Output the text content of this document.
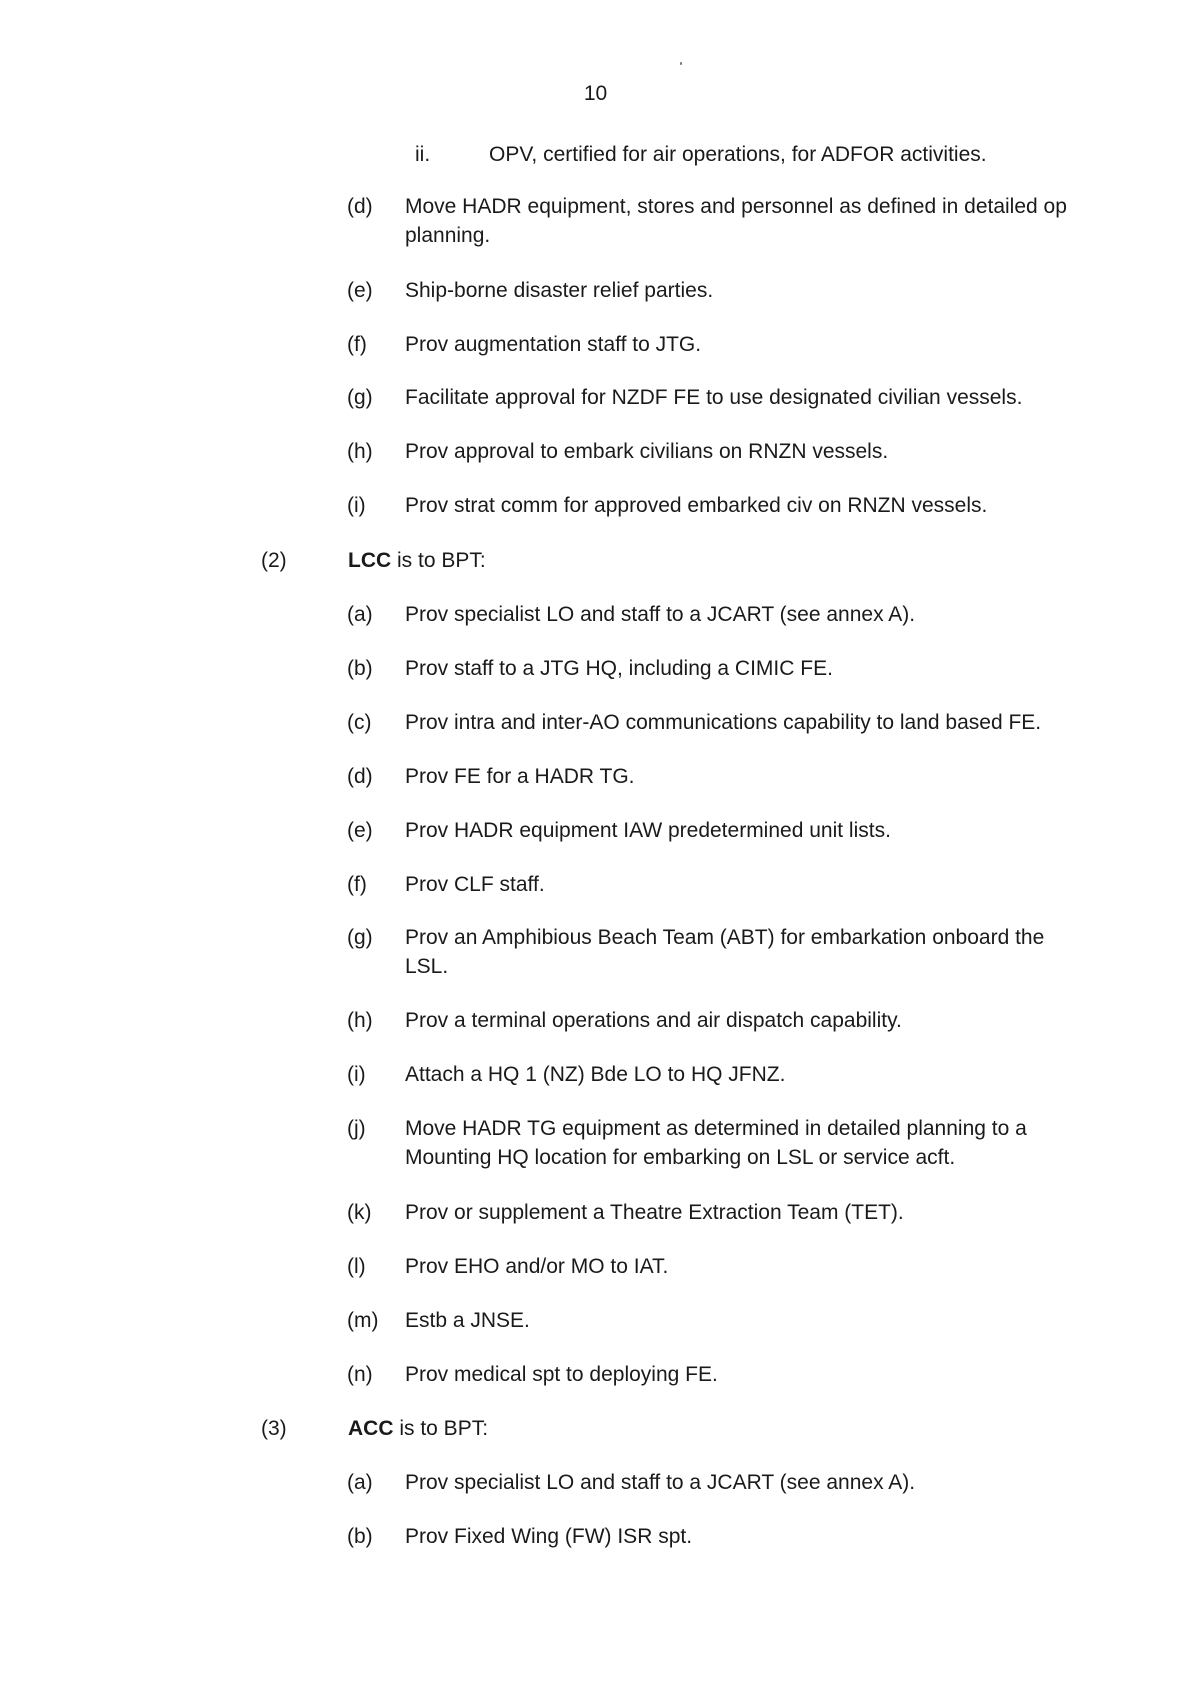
10
ii.	OPV, certified for air operations, for ADFOR activities.
(d) Move HADR equipment, stores and personnel as defined in detailed op planning.
(e) Ship-borne disaster relief parties.
(f) Prov augmentation staff to JTG.
(g) Facilitate approval for NZDF FE to use designated civilian vessels.
(h) Prov approval to embark civilians on RNZN vessels.
(i) Prov strat comm for approved embarked civ on RNZN vessels.
(2)	LCC is to BPT:
(a) Prov specialist LO and staff to a JCART (see annex A).
(b) Prov staff to a JTG HQ, including a CIMIC FE.
(c) Prov intra and inter-AO communications capability to land based FE.
(d) Prov FE for a HADR TG.
(e) Prov HADR equipment IAW predetermined unit lists.
(f) Prov CLF staff.
(g) Prov an Amphibious Beach Team (ABT) for embarkation onboard the LSL.
(h) Prov a terminal operations and air dispatch capability.
(i) Attach a HQ 1 (NZ) Bde LO to HQ JFNZ.
(j) Move HADR TG equipment as determined in detailed planning to a Mounting HQ location for embarking on LSL or service acft.
(k) Prov or supplement a Theatre Extraction Team (TET).
(l) Prov EHO and/or MO to IAT.
(m) Estb a JNSE.
(n) Prov medical spt to deploying FE.
(3)	ACC is to BPT:
(a) Prov specialist LO and staff to a JCART (see annex A).
(b) Prov Fixed Wing (FW) ISR spt.
